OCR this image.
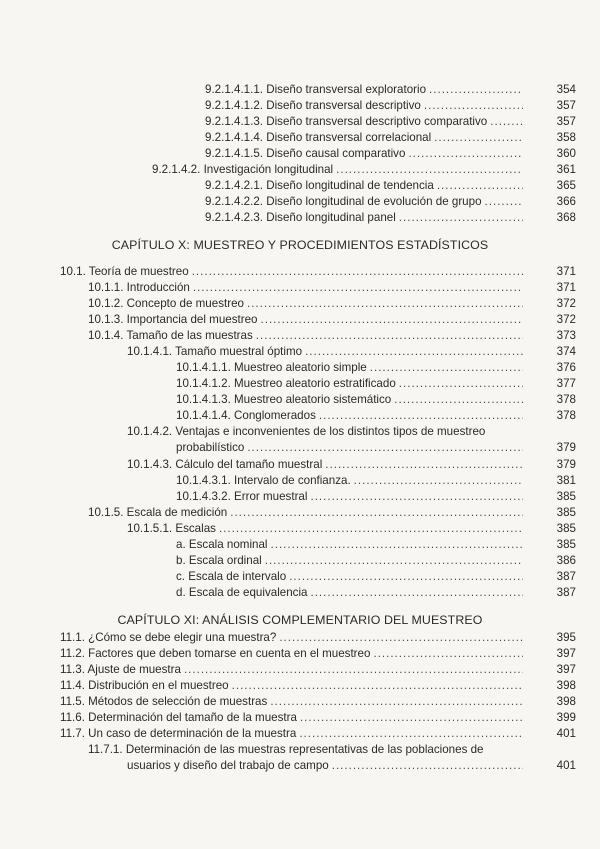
9.2.1.4.1.1. Diseño transversal exploratorio .....	354
9.2.1.4.1.2. Diseño transversal descriptivo .....	357
9.2.1.4.1.3. Diseño transversal descriptivo comparativo .....	357
9.2.1.4.1.4. Diseño transversal correlacional .....	358
9.2.1.4.1.5. Diseño causal comparativo .....	360
9.2.1.4.2. Investigación longitudinal .....	361
9.2.1.4.2.1. Diseño longitudinal de tendencia .....	365
9.2.1.4.2.2. Diseño longitudinal de evolución de grupo .....	366
9.2.1.4.2.3. Diseño longitudinal panel .....	368
CAPÍTULO X: MUESTREO Y PROCEDIMIENTOS ESTADÍSTICOS
10.1. Teoría de muestreo .....	371
10.1.1. Introducción .....	371
10.1.2. Concepto de muestreo .....	372
10.1.3. Importancia del muestreo .....	372
10.1.4. Tamaño de las muestras .....	373
10.1.4.1. Tamaño muestral óptimo .....	374
10.1.4.1.1. Muestreo aleatorio simple .....	376
10.1.4.1.2. Muestreo aleatorio estratificado .....	377
10.1.4.1.3. Muestreo aleatorio sistemático .....	378
10.1.4.1.4. Conglomerados .....	378
10.1.4.2. Ventajas e inconvenientes de los distintos tipos de muestreo
probabilístico .....	379
10.1.4.3. Cálculo del tamaño muestral .....	379
10.1.4.3.1. Intervalo de confianza. .....	381
10.1.4.3.2. Error muestral .....	385
10.1.5. Escala de medición .....	385
10.1.5.1. Escalas .....	385
a. Escala nominal .....	385
b. Escala ordinal .....	386
c. Escala de intervalo .....	387
d. Escala de equivalencia .....	387
CAPÍTULO XI: ANÁLISIS COMPLEMENTARIO DEL MUESTREO
11.1. ¿Cómo se debe elegir una muestra? .....	395
11.2. Factores que deben tomarse en cuenta en el muestreo .....	397
11.3. Ajuste de muestra .....	397
11.4. Distribución en el muestreo .....	398
11.5. Métodos de selección de muestras .....	398
11.6. Determinación del tamaño de la muestra .....	399
11.7. Un caso de determinación de la muestra .....	401
11.7.1. Determinación de las muestras representativas de las poblaciones de
usuarios y diseño del trabajo de campo .....	401
